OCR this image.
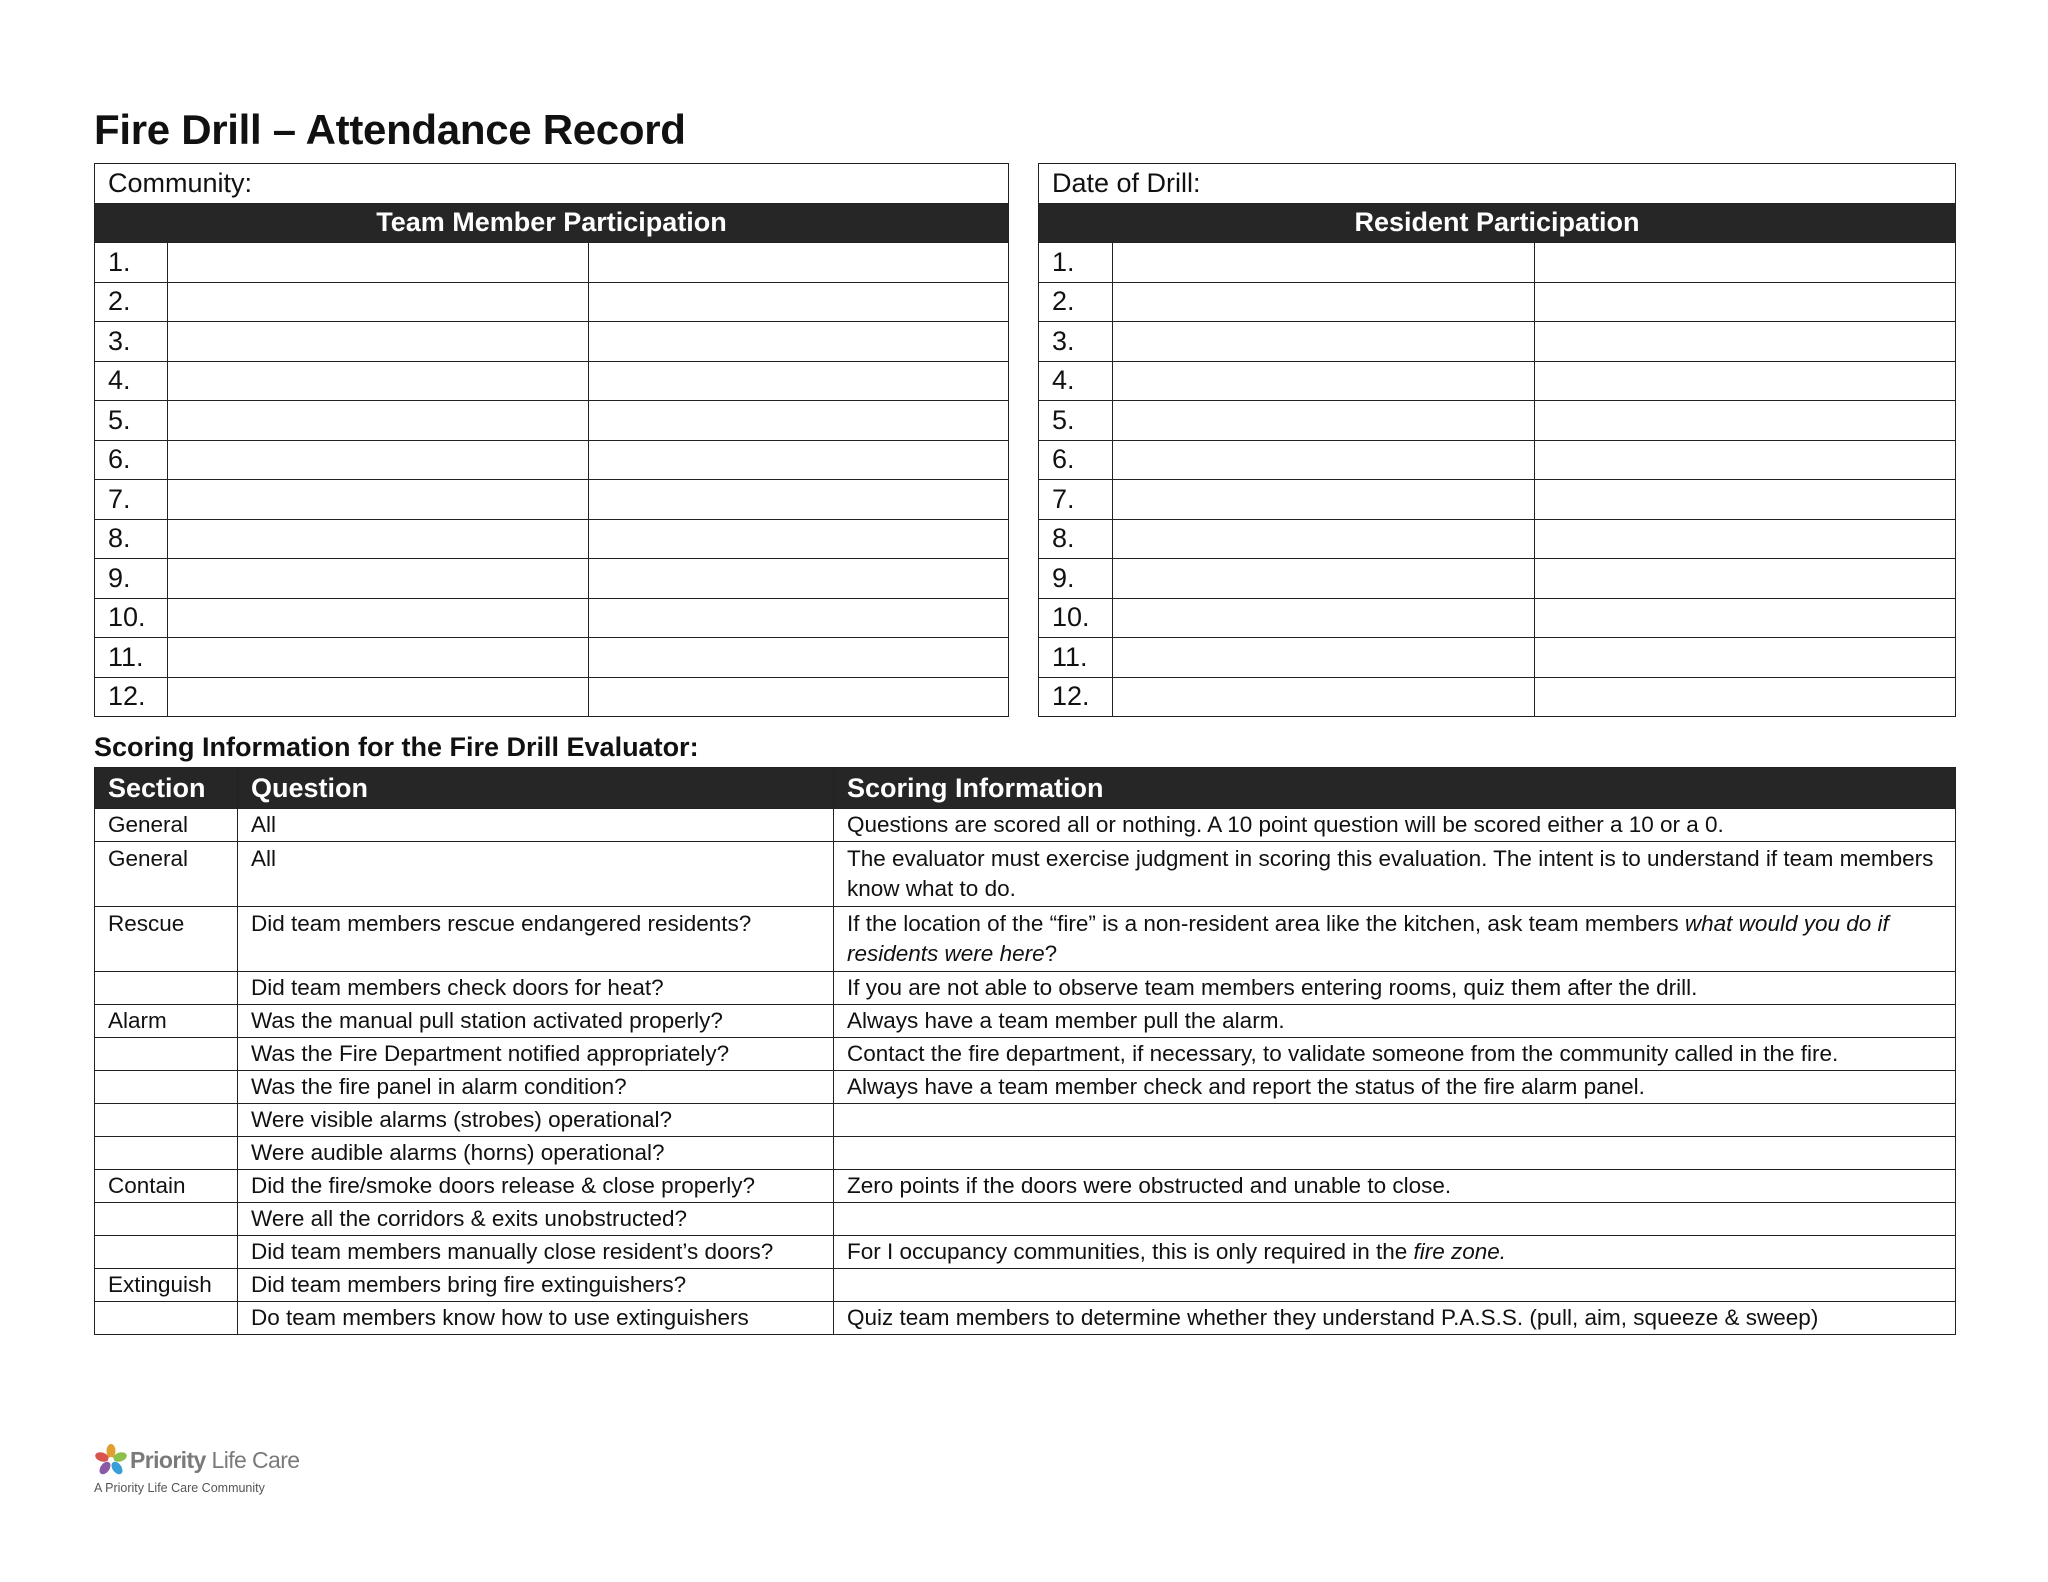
Fire Drill – Attendance Record
Community:		
Team Member Participation		
1.		
2.		
3.		
4.		
5.		
6.		
7.		
8.		
9.		
10.		
11.		
12.		
Date of Drill:		
Resident Participation		
1.		
2.		
3.		
4.		
5.		
6.		
7.		
8.		
9.		
10.		
11.		
12.		
Scoring Information for the Fire Drill Evaluator:
Section	Question	Scoring Information
General	All	Questions are scored all or nothing. A 10 point question will be scored either a 10 or a 0.
General	All	The evaluator must exercise judgment in scoring this evaluation. The intent is to understand if team members know what to do.
Rescue	Did team members rescue endangered residents?	If the location of the “fire” is a non-resident area like the kitchen, ask team members what would you do if residents were here?
	Did team members check doors for heat?	If you are not able to observe team members entering rooms, quiz them after the drill.
Alarm	Was the manual pull station activated properly?	Always have a team member pull the alarm.
	Was the Fire Department notified appropriately?	Contact the fire department, if necessary, to validate someone from the community called in the fire.
	Was the fire panel in alarm condition?	Always have a team member check and report the status of the fire alarm panel.
	Were visible alarms (strobes) operational?	
	Were audible alarms (horns) operational?	
Contain	Did the fire/smoke doors release & close properly?	Zero points if the doors were obstructed and unable to close.
	Were all the corridors & exits unobstructed?	
	Did team members manually close resident’s doors?	For I occupancy communities, this is only required in the fire zone.
Extinguish	Did team members bring fire extinguishers?	
	Do team members know how to use extinguishers	Quiz team members to determine whether they understand P.A.S.S. (pull, aim, squeeze & sweep)
Priority Life Care
A Priority Life Care Community
